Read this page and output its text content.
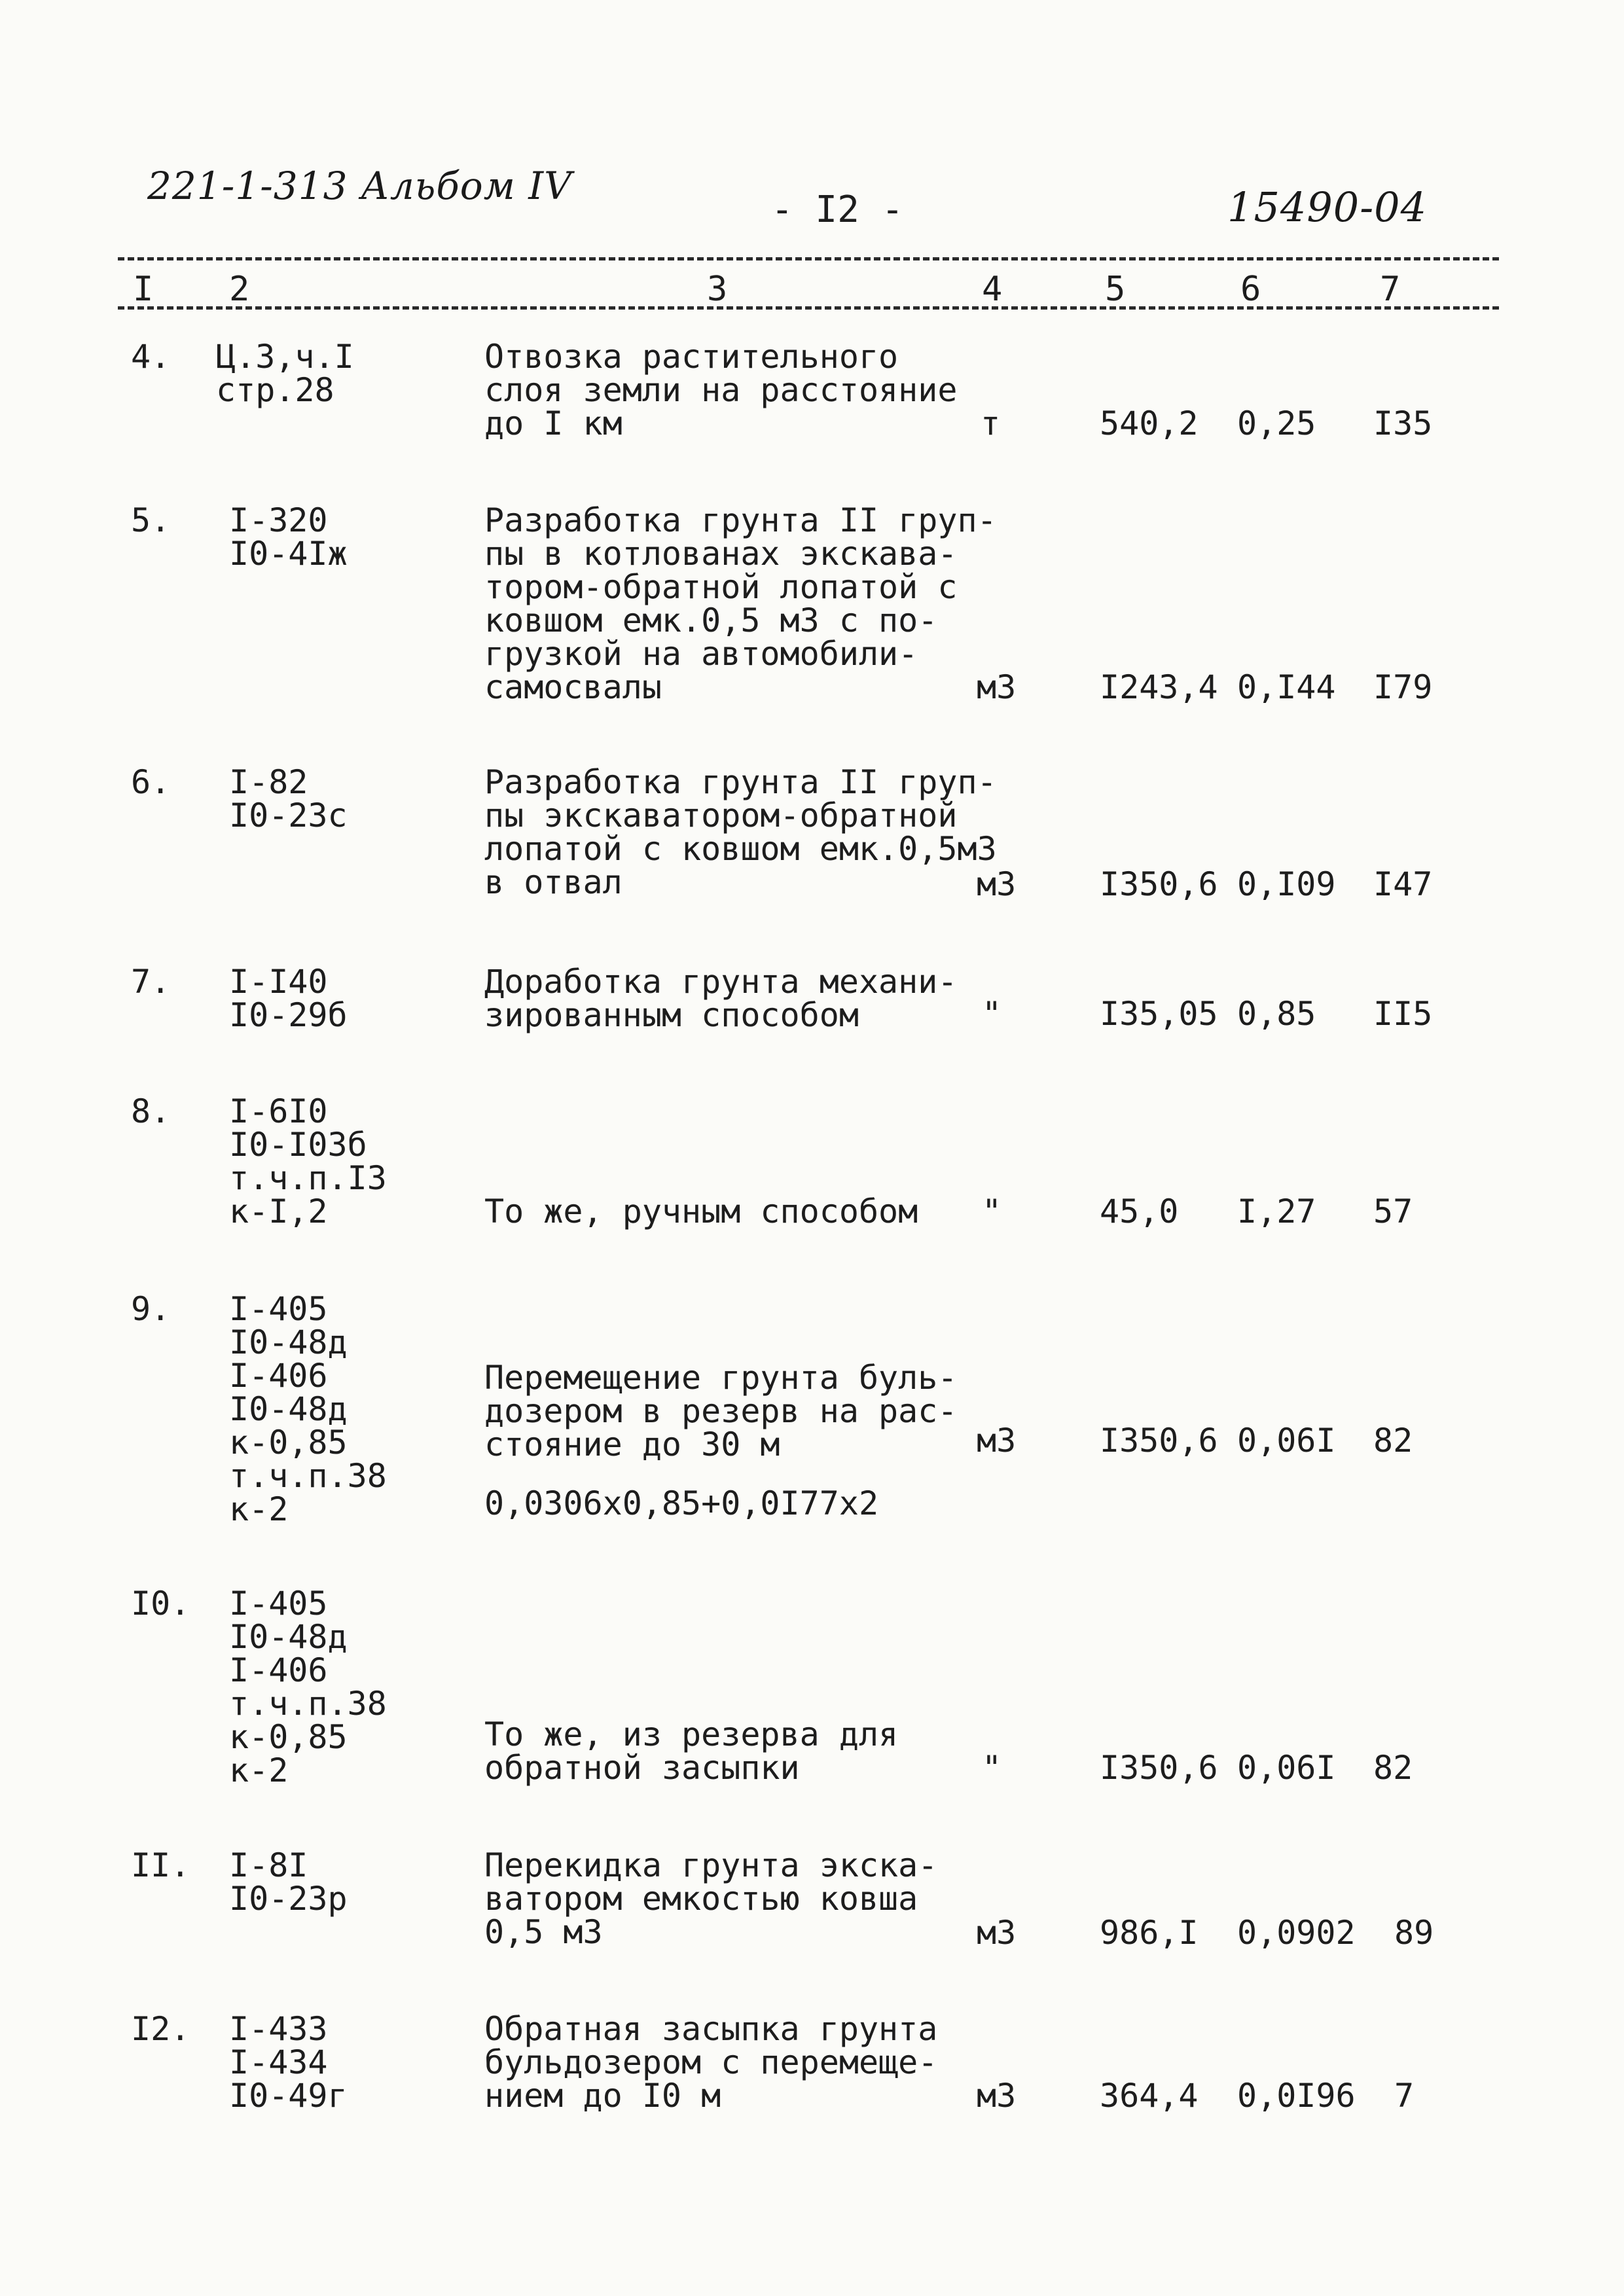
221-1-313 Альбом IV
- I2 -	15490-04
I 2	3	4	5	6	7
4. Ц.3,ч.I
стр.28
Отвозка растительного
слоя земли на расстояние
до I км	т	540,2 0,25 I35
5. I-320
I0-4Iж
Разработка грунта II груп-
пы в котлованах экскава-
тором-обратной лопатой с
ковшом емк.0,5 м3 с по-
грузкой на автомобили-
самосвалы	м3	I243,4 0,I44 I79
6. I-82
I0-23с
Разработка грунта II груп-
пы экскаватором-обратной
лопатой с ковшом емк.0,5м3
в отвал	м3	I350,6 0,I09 I47
7. I-I40
I0-29б
Доработка грунта механи-
зированным способом	"	I35,05 0,85 II5
8. I-6I0
I0-I03б
т.ч.п.I3
к-I,2	То же, ручным способом "	45,0 I,27 57
9. I-405
I0-48д
I-406
I0-48д
к-0,85
т.ч.п.38
к-2
Перемещение грунта буль-
дозером в резерв на рас-
стояние до 30 м	м3	I350,6 0,06I 82
0,0306х0,85+0,0I77х2
I0. I-405
I0-48д
I-406
т.ч.п.38
к-0,85
к-2
То же, из резерва для
обратной засыпки	"	I350,6 0,06I 82
II. I-8I
I0-23р
Перекидка грунта экска-
ватором емкостью ковша
0,5 м3	м3	986,I 0,0902 89
I2. I-433
I-434
I0-49г
Обратная засыпка грунта
бульдозером с перемеще-
нием до I0 м	м3	364,4 0,0I96 7
